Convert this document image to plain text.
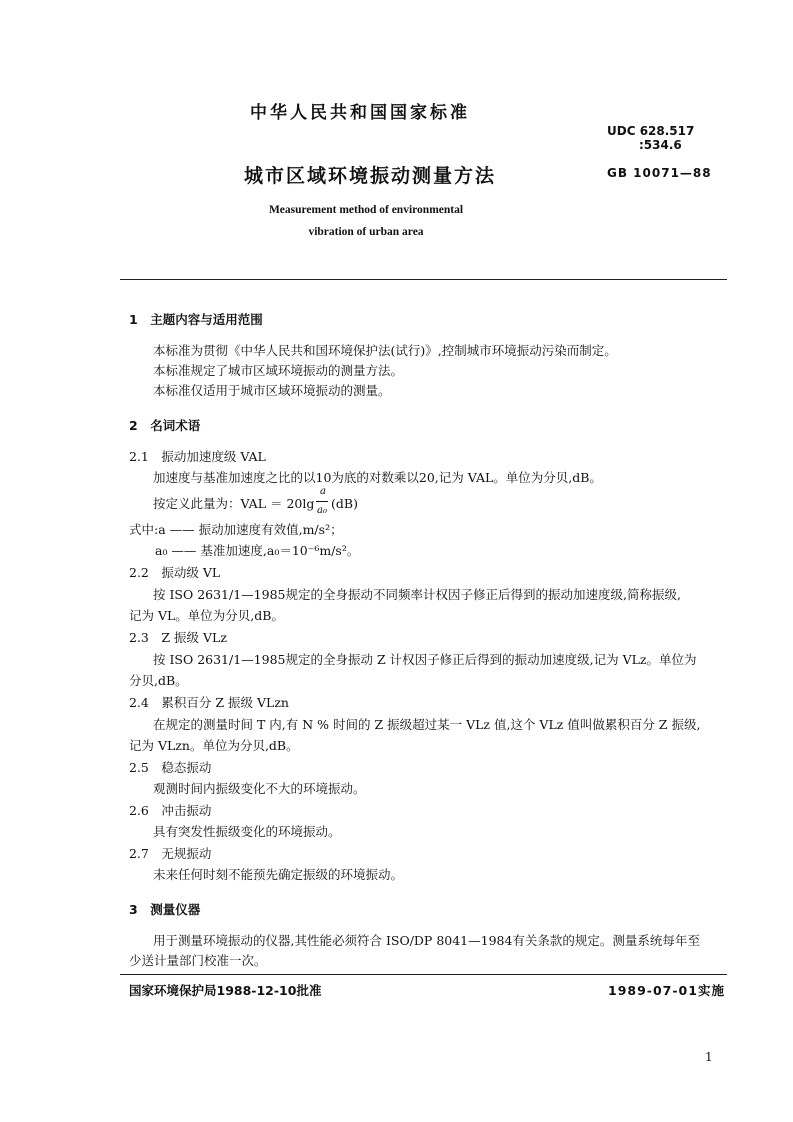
中华人民共和国国家标准
UDC 628.517
:534.6
城市区域环境振动测量方法	GB 10071—88
Measurement method of environmental
vibration of urban area
1　主题内容与适用范围
本标准为贯彻《中华人民共和国环境保护法(试行)》,控制城市环境振动污染而制定。
本标准规定了城市区域环境振动的测量方法。
本标准仅适用于城市区域环境振动的测量。
2　名词术语
2.1　振动加速度级 VAL
加速度与基准加速度之比的以10为底的对数乘以20,记为 VAL。单位为分贝,dB。
按定义此量为：VAL ＝ 20lg
a
a₀ (dB)
式中:a —— 振动加速度有效值,m/s²；
a₀ —— 基准加速度,a₀＝10⁻⁶m/s²。
2.2　振动级 VL
按 ISO 2631/1—1985规定的全身振动不同频率计权因子修正后得到的振动加速度级,简称振级,
记为 VL。单位为分贝,dB。
2.3　Z 振级 VLz
按 ISO 2631/1—1985规定的全身振动 Z 计权因子修正后得到的振动加速度级,记为 VLz。单位为
分贝,dB。
2.4　累积百分 Z 振级 VLzn
在规定的测量时间 T 内,有 N % 时间的 Z 振级超过某一 VLz 值,这个 VLz 值叫做累积百分 Z 振级,
记为 VLzn。单位为分贝,dB。
2.5　稳态振动
观测时间内振级变化不大的环境振动。
2.6　冲击振动
具有突发性振级变化的环境振动。
2.7　无规振动
未来任何时刻不能预先确定振级的环境振动。
3　测量仪器
用于测量环境振动的仪器,其性能必须符合 ISO/DP 8041—1984有关条款的规定。测量系统每年至
少送计量部门校准一次。
国家环境保护局1988-12-10批准	1989-07-01实施
1
